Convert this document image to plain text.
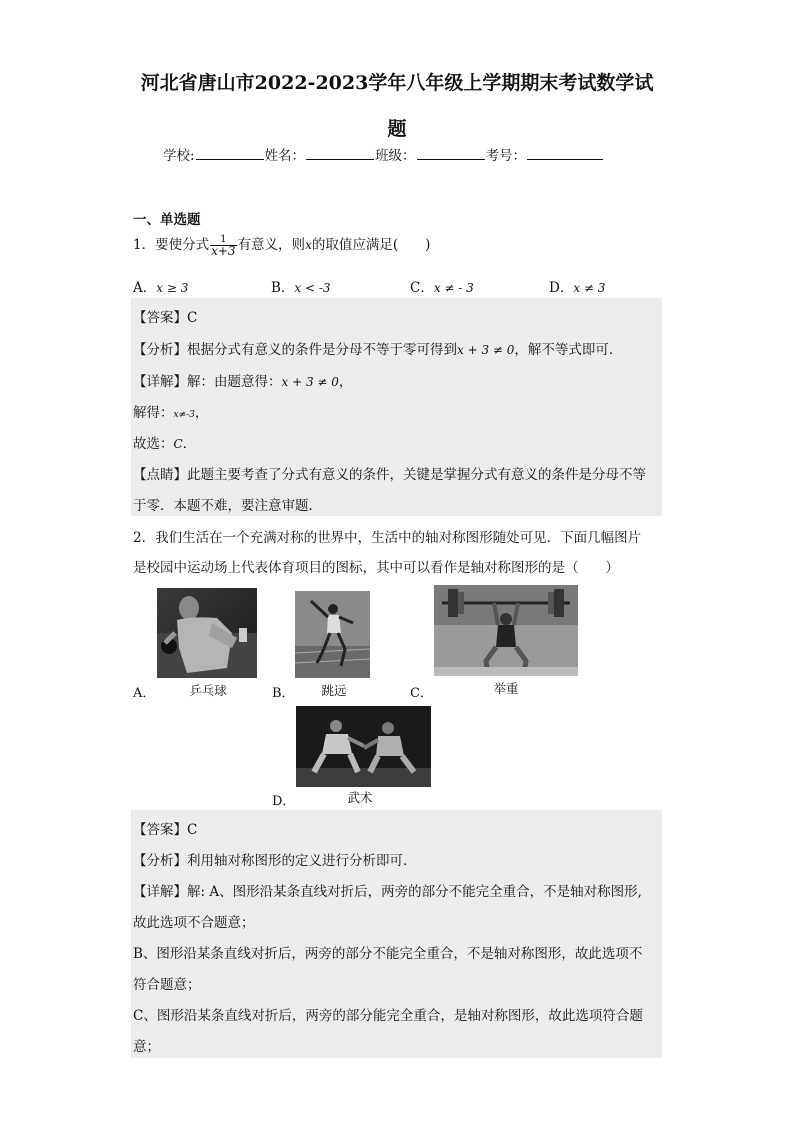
河北省唐山市2022-2023学年八年级上学期期末考试数学试
题
学校:	姓名：	班级：	考号：
一、单选题
1．要使分式 $\frac{1}{x+3}$ 有意义，则x的取值应满足(　　)
A．x ≥ 3	B．x < -3	C．x ≠ - 3	D．x ≠ 3
【答案】C
【分析】根据分式有意义的条件是分母不等于零可得到x + 3 ≠ 0，解不等式即可．
【详解】解：由题意得：x + 3 ≠ 0，
解得：x≠-3，
故选：C．
【点睛】此题主要考查了分式有意义的条件，关键是掌握分式有意义的条件是分母不等
于零．本题不难，要注意审题．
2．我们生活在一个充满对称的世界中，生活中的轴对称图形随处可见．下面几幅图片
是校园中运动场上代表体育项目的图标，其中可以看作是轴对称图形的是（　　）
A．	乒乓球	B．	跳远	C．	举重
D．	武术
【答案】C
【分析】利用轴对称图形的定义进行分析即可．
【详解】解: A、图形沿某条直线对折后，两旁的部分不能完全重合，不是轴对称图形,
故此选项不合题意；
B、图形沿某条直线对折后，两旁的部分不能完全重合，不是轴对称图形，故此选项不
符合题意；
C、图形沿某条直线对折后，两旁的部分能完全重合，是轴对称图形，故此选项符合题
意；
